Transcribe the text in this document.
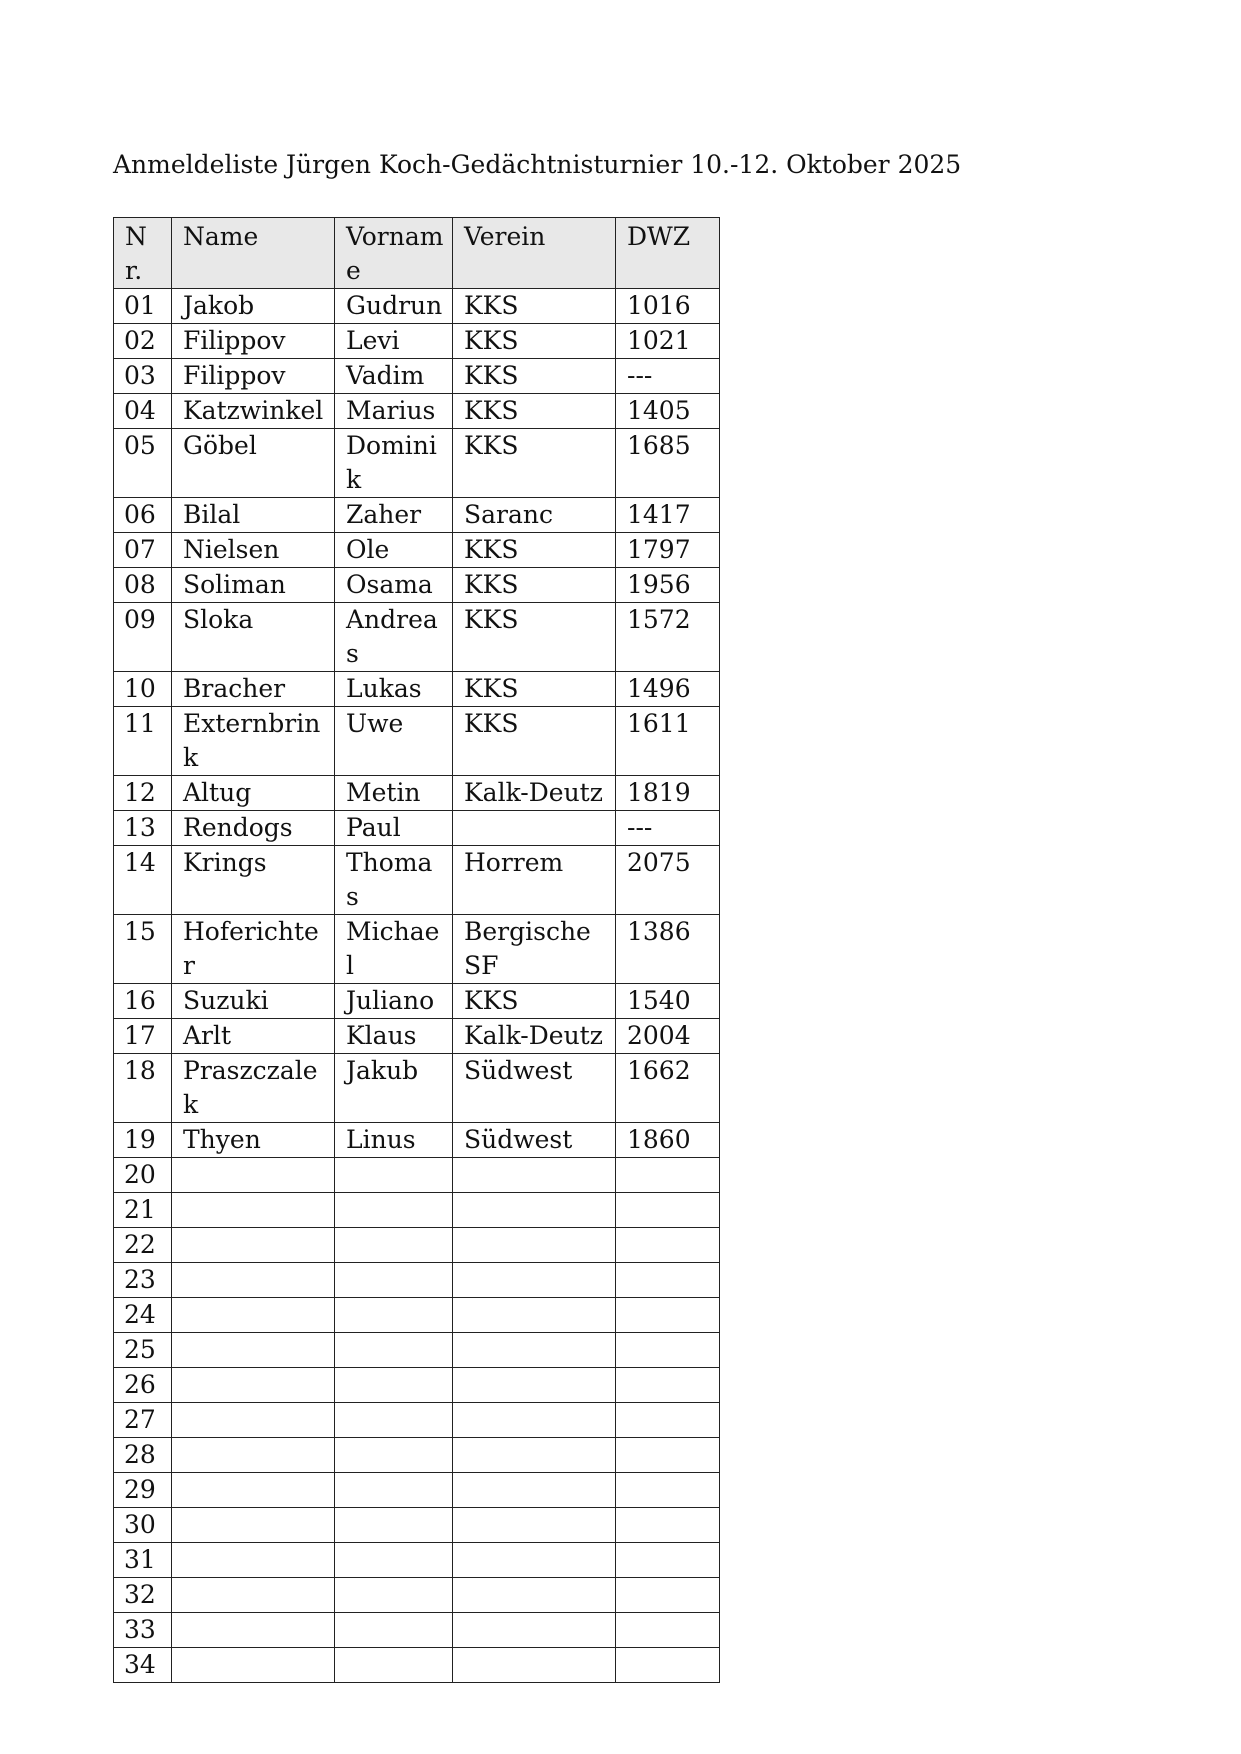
Anmeldeliste Jürgen Koch-Gedächtnisturnier 10.-12. Oktober 2025
Nr.	Name	Vorname	Verein	DWZ
01	Jakob	Gudrun	KKS	1016
02	Filippov	Levi	KKS	1021
03	Filippov	Vadim	KKS	---
04	Katzwinkel	Marius	KKS	1405
05	Göbel	Dominik	KKS	1685
06	Bilal	Zaher	Saranc	1417
07	Nielsen	Ole	KKS	1797
08	Soliman	Osama	KKS	1956
09	Sloka	Andreas	KKS	1572
10	Bracher	Lukas	KKS	1496
11	Externbrink	Uwe	KKS	1611
12	Altug	Metin	Kalk-Deutz	1819
13	Rendogs	Paul		---
14	Krings	Thomas	Horrem	2075
15	Hoferichter	Michael	Bergische SF	1386
16	Suzuki	Juliano	KKS	1540
17	Arlt	Klaus	Kalk-Deutz	2004
18	Praszczalek	Jakub	Südwest	1662
19	Thyen	Linus	Südwest	1860
20				
21				
22				
23				
24				
25				
26				
27				
28				
29				
30				
31				
32				
33				
34				
